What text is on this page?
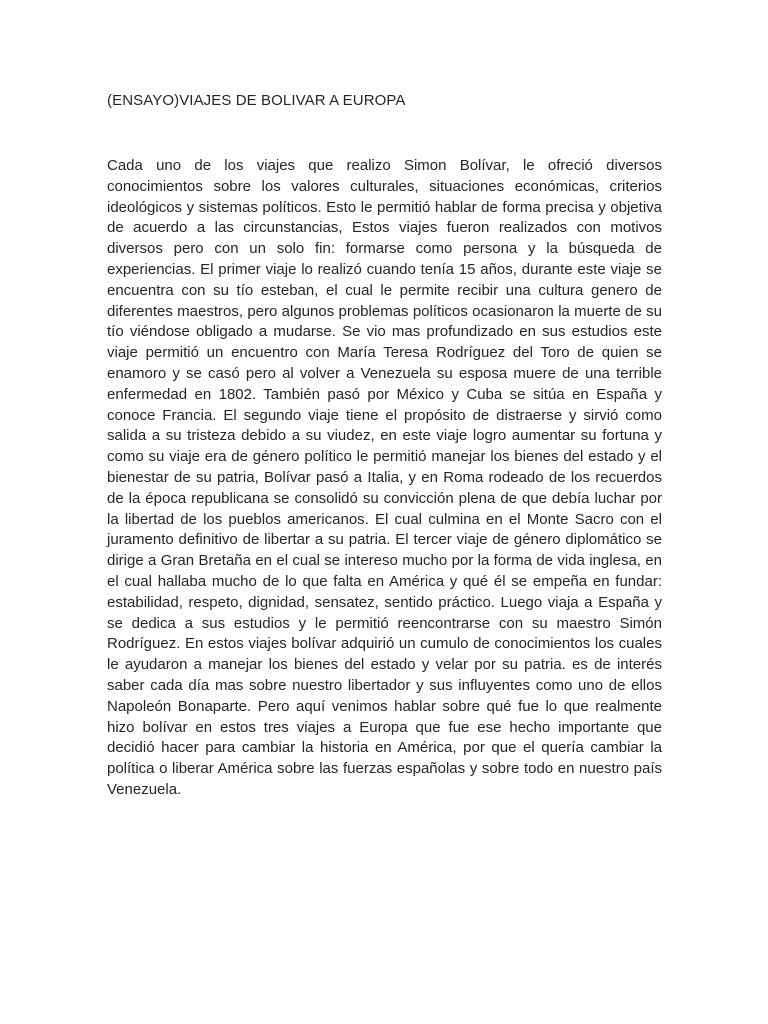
(ENSAYO)VIAJES DE BOLIVAR A EUROPA

Cada uno de los viajes que realizo Simon Bolívar, le ofreció diversos conocimientos sobre los valores culturales, situaciones económicas, criterios ideológicos y sistemas políticos. Esto le permitió hablar de forma precisa y objetiva de acuerdo a las circunstancias, Estos viajes fueron realizados con motivos diversos pero con un solo fin: formarse como persona y la búsqueda de experiencias. El primer viaje lo realizó cuando tenía 15 años, durante este viaje se encuentra con su tío esteban, el cual le permite recibir una cultura genero de diferentes maestros, pero algunos problemas políticos ocasionaron la muerte de su tío viéndose obligado a mudarse. Se vio mas profundizado en sus estudios este viaje permitió un encuentro con María Teresa Rodríguez del Toro de quien se enamoro y se casó pero al volver a Venezuela su esposa muere de una terrible enfermedad en 1802. También pasó por México y Cuba se sitúa en España y conoce Francia. El segundo viaje tiene el propósito de distraerse y sirvió como salida a su tristeza debido a su viudez, en este viaje logro aumentar su fortuna y como su viaje era de género político le permitió manejar los bienes del estado y el bienestar de su patria, Bolívar pasó a Italia, y en Roma rodeado de los recuerdos de la época republicana se consolidó su convicción plena de que debía luchar por la libertad de los pueblos americanos. El cual culmina en el Monte Sacro con el juramento definitivo de libertar a su patria. El tercer viaje de género diplomático se dirige a Gran Bretaña en el cual se intereso mucho por la forma de vida inglesa, en el cual hallaba mucho de lo que falta en América y qué él se empeña en fundar: estabilidad, respeto, dignidad, sensatez, sentido práctico. Luego viaja a España y se dedica a sus estudios y le permitió reencontrarse con su maestro Simón Rodríguez. En estos viajes bolívar adquirió un cumulo de conocimientos los cuales le ayudaron a manejar los bienes del estado y velar por su patria. es de interés saber cada día mas sobre nuestro libertador y sus influyentes como uno de ellos Napoleón Bonaparte. Pero aquí venimos hablar sobre qué fue lo que realmente hizo bolívar en estos tres viajes a Europa que fue ese hecho importante que decidió hacer para cambiar la historia en América, por que el quería cambiar la política o liberar América sobre las fuerzas españolas y sobre todo en nuestro país Venezuela.
